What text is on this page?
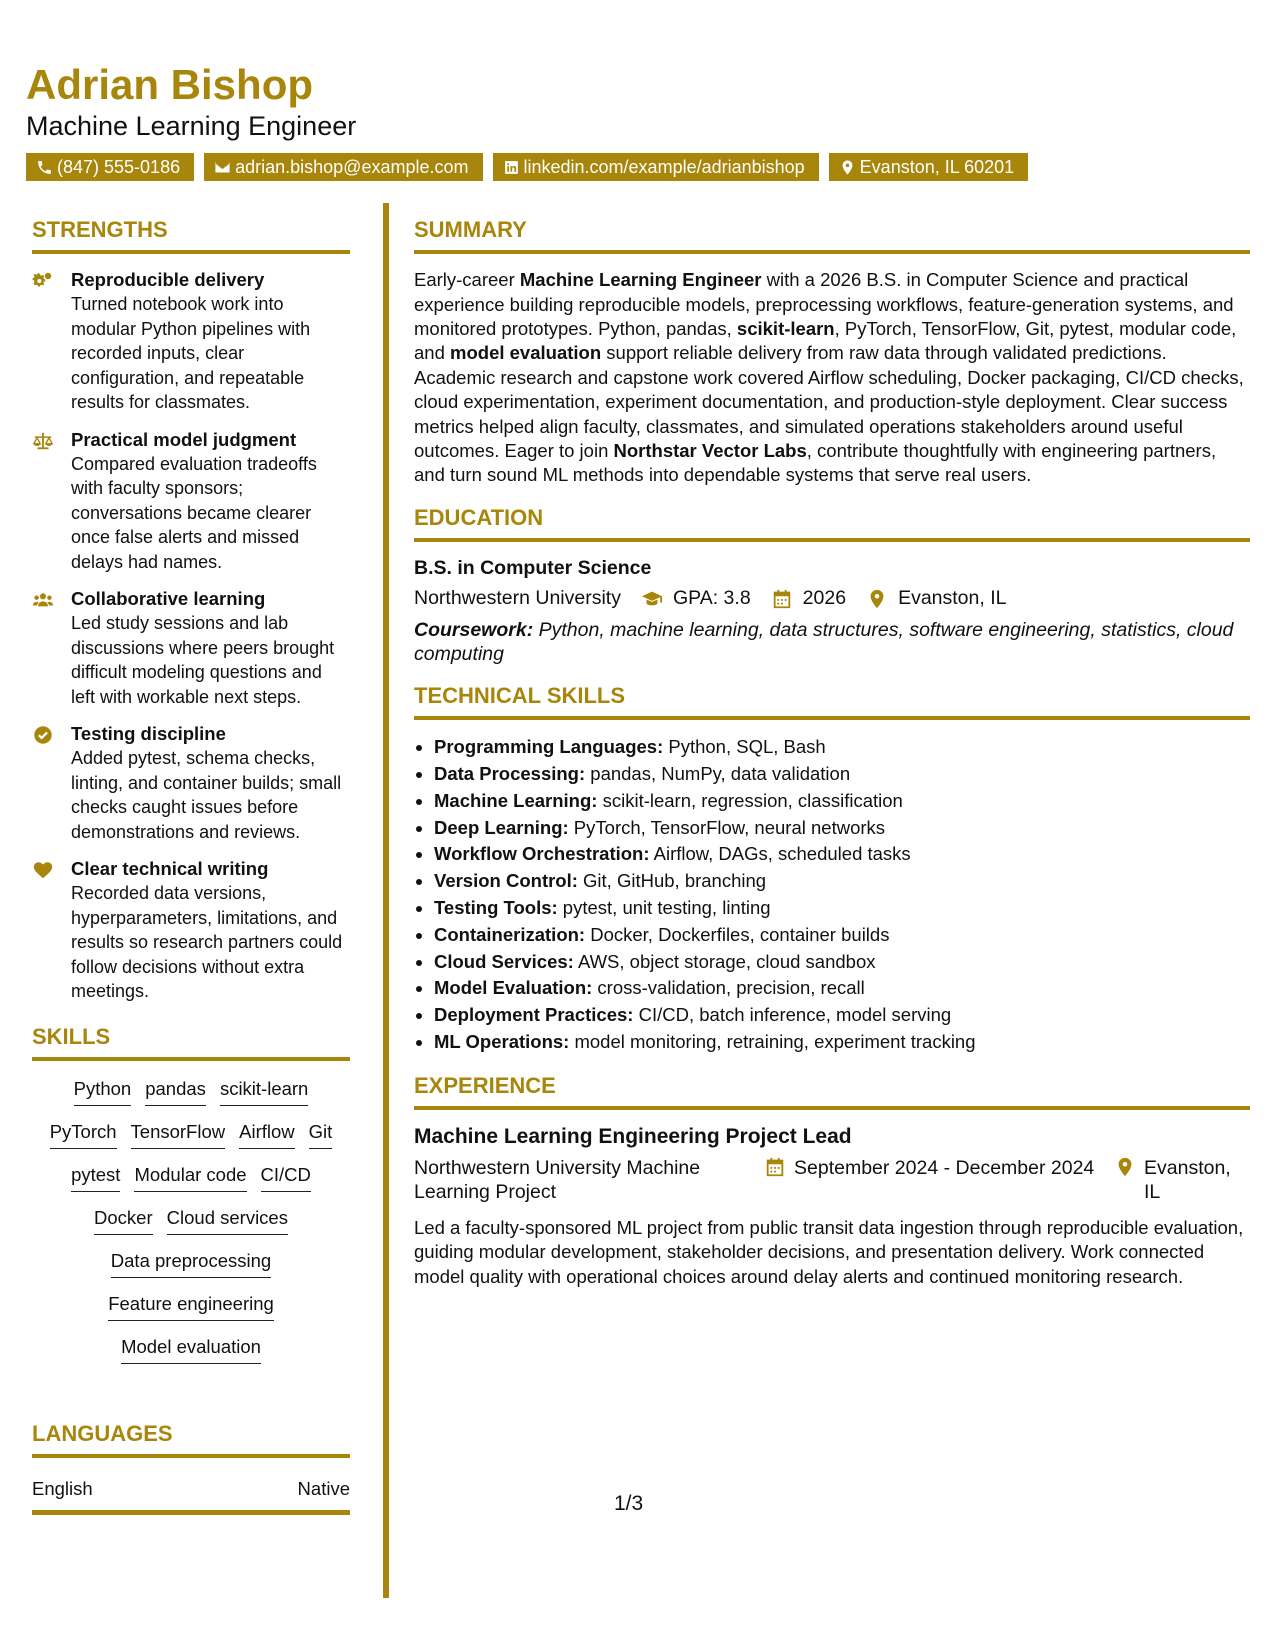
Adrian Bishop
Machine Learning Engineer
(847) 555-0186	adrian.bishop@example.com	linkedin.com/example/adrianbishop	Evanston, IL 60201
STRENGTHS
Reproducible delivery
Turned notebook work into modular Python pipelines with recorded inputs, clear configuration, and repeatable results for classmates.
Practical model judgment
Compared evaluation tradeoffs with faculty sponsors; conversations became clearer once false alerts and missed delays had names.
Collaborative learning
Led study sessions and lab discussions where peers brought difficult modeling questions and left with workable next steps.
Testing discipline
Added pytest, schema checks, linting, and container builds; small checks caught issues before demonstrations and reviews.
Clear technical writing
Recorded data versions, hyperparameters, limitations, and results so research partners could follow decisions without extra meetings.
SKILLS
Python pandas scikit-learn
PyTorch TensorFlow Airflow Git
pytest Modular code CI/CD
Docker Cloud services
Data preprocessing
Feature engineering
Model evaluation
LANGUAGES
English	Native
SUMMARY
Early-career Machine Learning Engineer with a 2026 B.S. in Computer Science and practical experience building reproducible models, preprocessing workflows, feature-generation systems, and monitored prototypes. Python, pandas, scikit-learn, PyTorch, TensorFlow, Git, pytest, modular code, and model evaluation support reliable delivery from raw data through validated predictions. Academic research and capstone work covered Airflow scheduling, Docker packaging, CI/CD checks, cloud experimentation, experiment documentation, and production-style deployment. Clear success metrics helped align faculty, classmates, and simulated operations stakeholders around useful outcomes. Eager to join Northstar Vector Labs, contribute thoughtfully with engineering partners, and turn sound ML methods into dependable systems that serve real users.
EDUCATION
B.S. in Computer Science
Northwestern University	GPA: 3.8	2026	Evanston, IL
Coursework: Python, machine learning, data structures, software engineering, statistics, cloud computing
TECHNICAL SKILLS
• Programming Languages: Python, SQL, Bash
• Data Processing: pandas, NumPy, data validation
• Machine Learning: scikit-learn, regression, classification
• Deep Learning: PyTorch, TensorFlow, neural networks
• Workflow Orchestration: Airflow, DAGs, scheduled tasks
• Version Control: Git, GitHub, branching
• Testing Tools: pytest, unit testing, linting
• Containerization: Docker, Dockerfiles, container builds
• Cloud Services: AWS, object storage, cloud sandbox
• Model Evaluation: cross-validation, precision, recall
• Deployment Practices: CI/CD, batch inference, model serving
• ML Operations: model monitoring, retraining, experiment tracking
EXPERIENCE
Machine Learning Engineering Project Lead
Northwestern University Machine Learning Project
September 2024 - December 2024	Evanston, IL
Led a faculty-sponsored ML project from public transit data ingestion through reproducible evaluation, guiding modular development, stakeholder decisions, and presentation delivery. Work connected model quality with operational choices around delay alerts and continued monitoring research.
1/3
